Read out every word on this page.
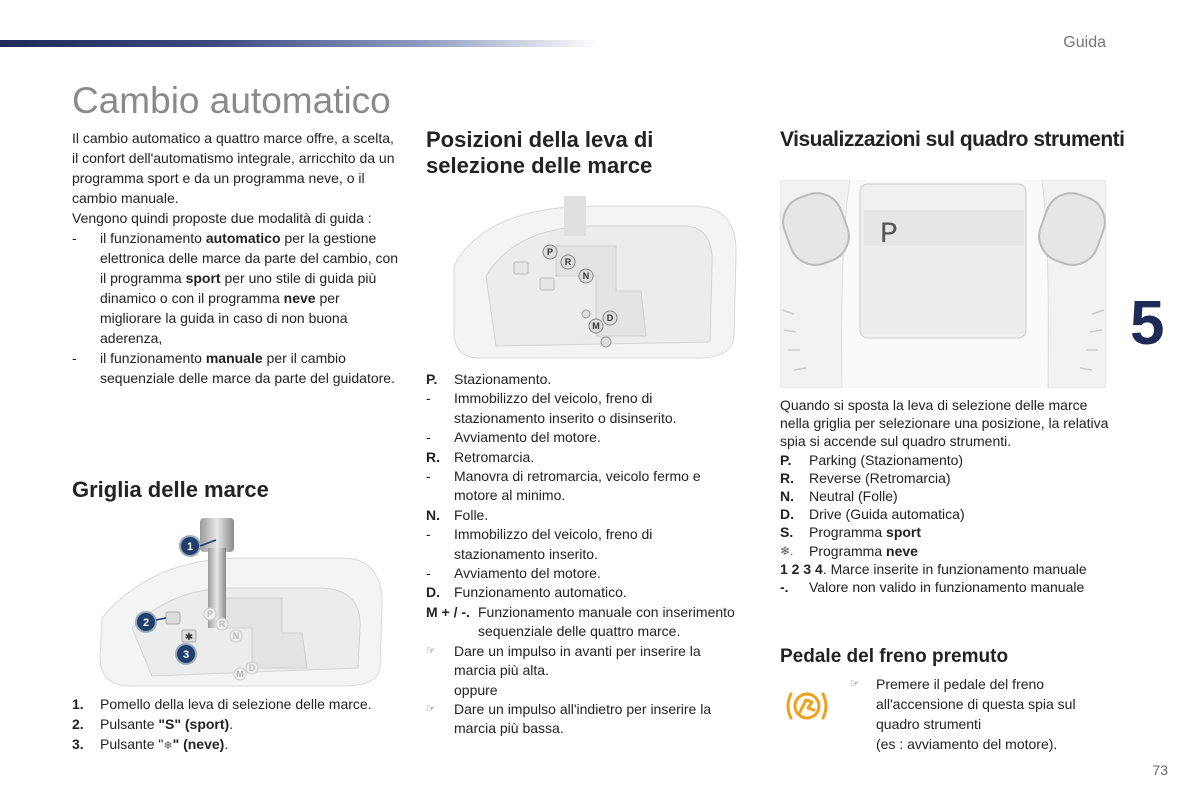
Guida
Cambio automatico
5
73

Il cambio automatico a quattro marce offre, a scelta, il confort dell'automatismo integrale, arricchito da un programma sport e da un programma neve, o il cambio manuale.

Vengono quindi proposte due modalità di guida :

-	il funzionamento automatico per la gestione elettronica delle marce da parte del cambio, con il programma sport per uno stile di guida più dinamico o con il programma neve per migliorare la guida in caso di non buona aderenza,
-	il funzionamento manuale per il cambio sequenziale delle marce da parte del guidatore.
Griglia delle marce
P
R
N
D
M
✱
1
2
3
1.	Pomello della leva di selezione delle marce.
2.	Pulsante "S" (sport).
3.	Pulsante "❄" (neve).
Posizioni della leva di selezione delle marce
P
R
N
D
M
P.	Stazionamento.
-	Immobilizzo del veicolo, freno di stazionamento inserito o disinserito.
-	Avviamento del motore.
R.	Retromarcia.
-	Manovra di retromarcia, veicolo fermo e motore al minimo.
N.	Folle.
-	Immobilizzo del veicolo, freno di stazionamento inserito.
-	Avviamento del motore.
D.	Funzionamento automatico.
M + / -. Funzionamento manuale con inserimento sequenziale delle quattro marce.
☞	Dare un impulso in avanti per inserire la marcia più alta.
oppure
☞	Dare un impulso all'indietro per inserire la marcia più bassa.
Visualizzazioni sul quadro strumenti
P
Quando si sposta la leva di selezione delle marce nella griglia per selezionare una posizione, la relativa spia si accende sul quadro strumenti.
P.	Parking (Stazionamento)
R.	Reverse (Retromarcia)
N.	Neutral (Folle)
D.	Drive (Guida automatica)
S.	Programma sport
❄.	Programma neve
1 2 3 4. Marce inserite in funzionamento manuale
-.	Valore non valido in funzionamento manuale
Pedale del freno premuto
☞	Premere il pedale del freno all'accensione di questa spia sul quadro strumenti
(es : avviamento del motore).
